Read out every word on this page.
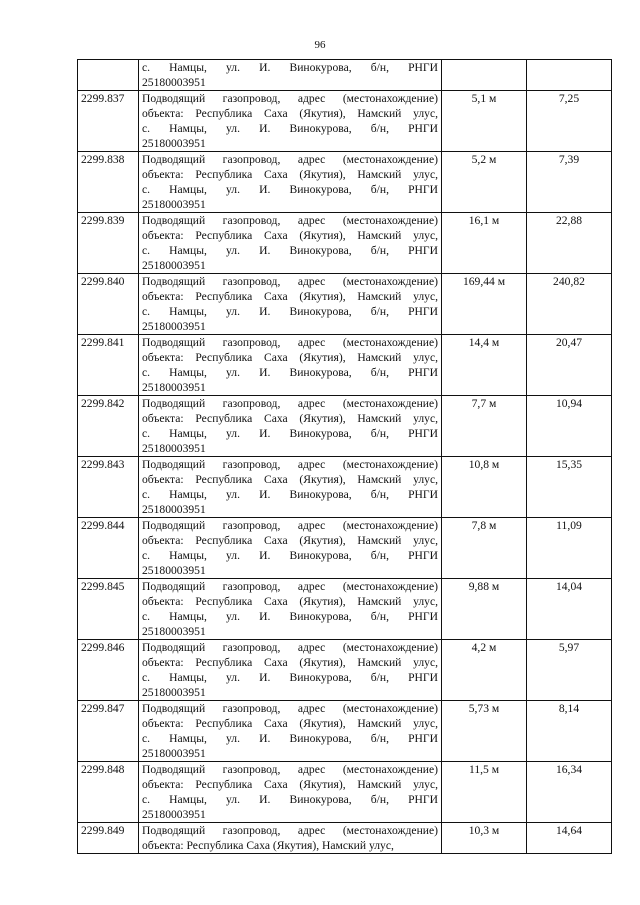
96

	с. Намцы, ул. И. Винокурова, б/н, РНГИ
25180003951		

2299.837	Подводящий газопровод, адрес (местонахождение)
объекта: Республика Саха (Якутия), Намский улус,
с. Намцы, ул. И. Винокурова, б/н, РНГИ
25180003951	5,1 м	7,25
2299.838	Подводящий газопровод, адрес (местонахождение)
объекта: Республика Саха (Якутия), Намский улус,
с. Намцы, ул. И. Винокурова, б/н, РНГИ
25180003951	5,2 м	7,39
2299.839	Подводящий газопровод, адрес (местонахождение)
объекта: Республика Саха (Якутия), Намский улус,
с. Намцы, ул. И. Винокурова, б/н, РНГИ
25180003951	16,1 м	22,88
2299.840	Подводящий газопровод, адрес (местонахождение)
объекта: Республика Саха (Якутия), Намский улус,
с. Намцы, ул. И. Винокурова, б/н, РНГИ
25180003951	169,44 м	240,82
2299.841	Подводящий газопровод, адрес (местонахождение)
объекта: Республика Саха (Якутия), Намский улус,
с. Намцы, ул. И. Винокурова, б/н, РНГИ
25180003951	14,4 м	20,47
2299.842	Подводящий газопровод, адрес (местонахождение)
объекта: Республика Саха (Якутия), Намский улус,
с. Намцы, ул. И. Винокурова, б/н, РНГИ
25180003951	7,7 м	10,94
2299.843	Подводящий газопровод, адрес (местонахождение)
объекта: Республика Саха (Якутия), Намский улус,
с. Намцы, ул. И. Винокурова, б/н, РНГИ
25180003951	10,8 м	15,35
2299.844	Подводящий газопровод, адрес (местонахождение)
объекта: Республика Саха (Якутия), Намский улус,
с. Намцы, ул. И. Винокурова, б/н, РНГИ
25180003951	7,8 м	11,09
2299.845	Подводящий газопровод, адрес (местонахождение)
объекта: Республика Саха (Якутия), Намский улус,
с. Намцы, ул. И. Винокурова, б/н, РНГИ
25180003951	9,88 м	14,04
2299.846	Подводящий газопровод, адрес (местонахождение)
объекта: Республика Саха (Якутия), Намский улус,
с. Намцы, ул. И. Винокурова, б/н, РНГИ
25180003951	4,2 м	5,97
2299.847	Подводящий газопровод, адрес (местонахождение)
объекта: Республика Саха (Якутия), Намский улус,
с. Намцы, ул. И. Винокурова, б/н, РНГИ
25180003951	5,73 м	8,14
2299.848	Подводящий газопровод, адрес (местонахождение)
объекта: Республика Саха (Якутия), Намский улус,
с. Намцы, ул. И. Винокурова, б/н, РНГИ
25180003951	11,5 м	16,34
2299.849	Подводящий газопровод, адрес (местонахождение)
объекта: Республика Саха (Якутия), Намский улус,	10,3 м	14,64
